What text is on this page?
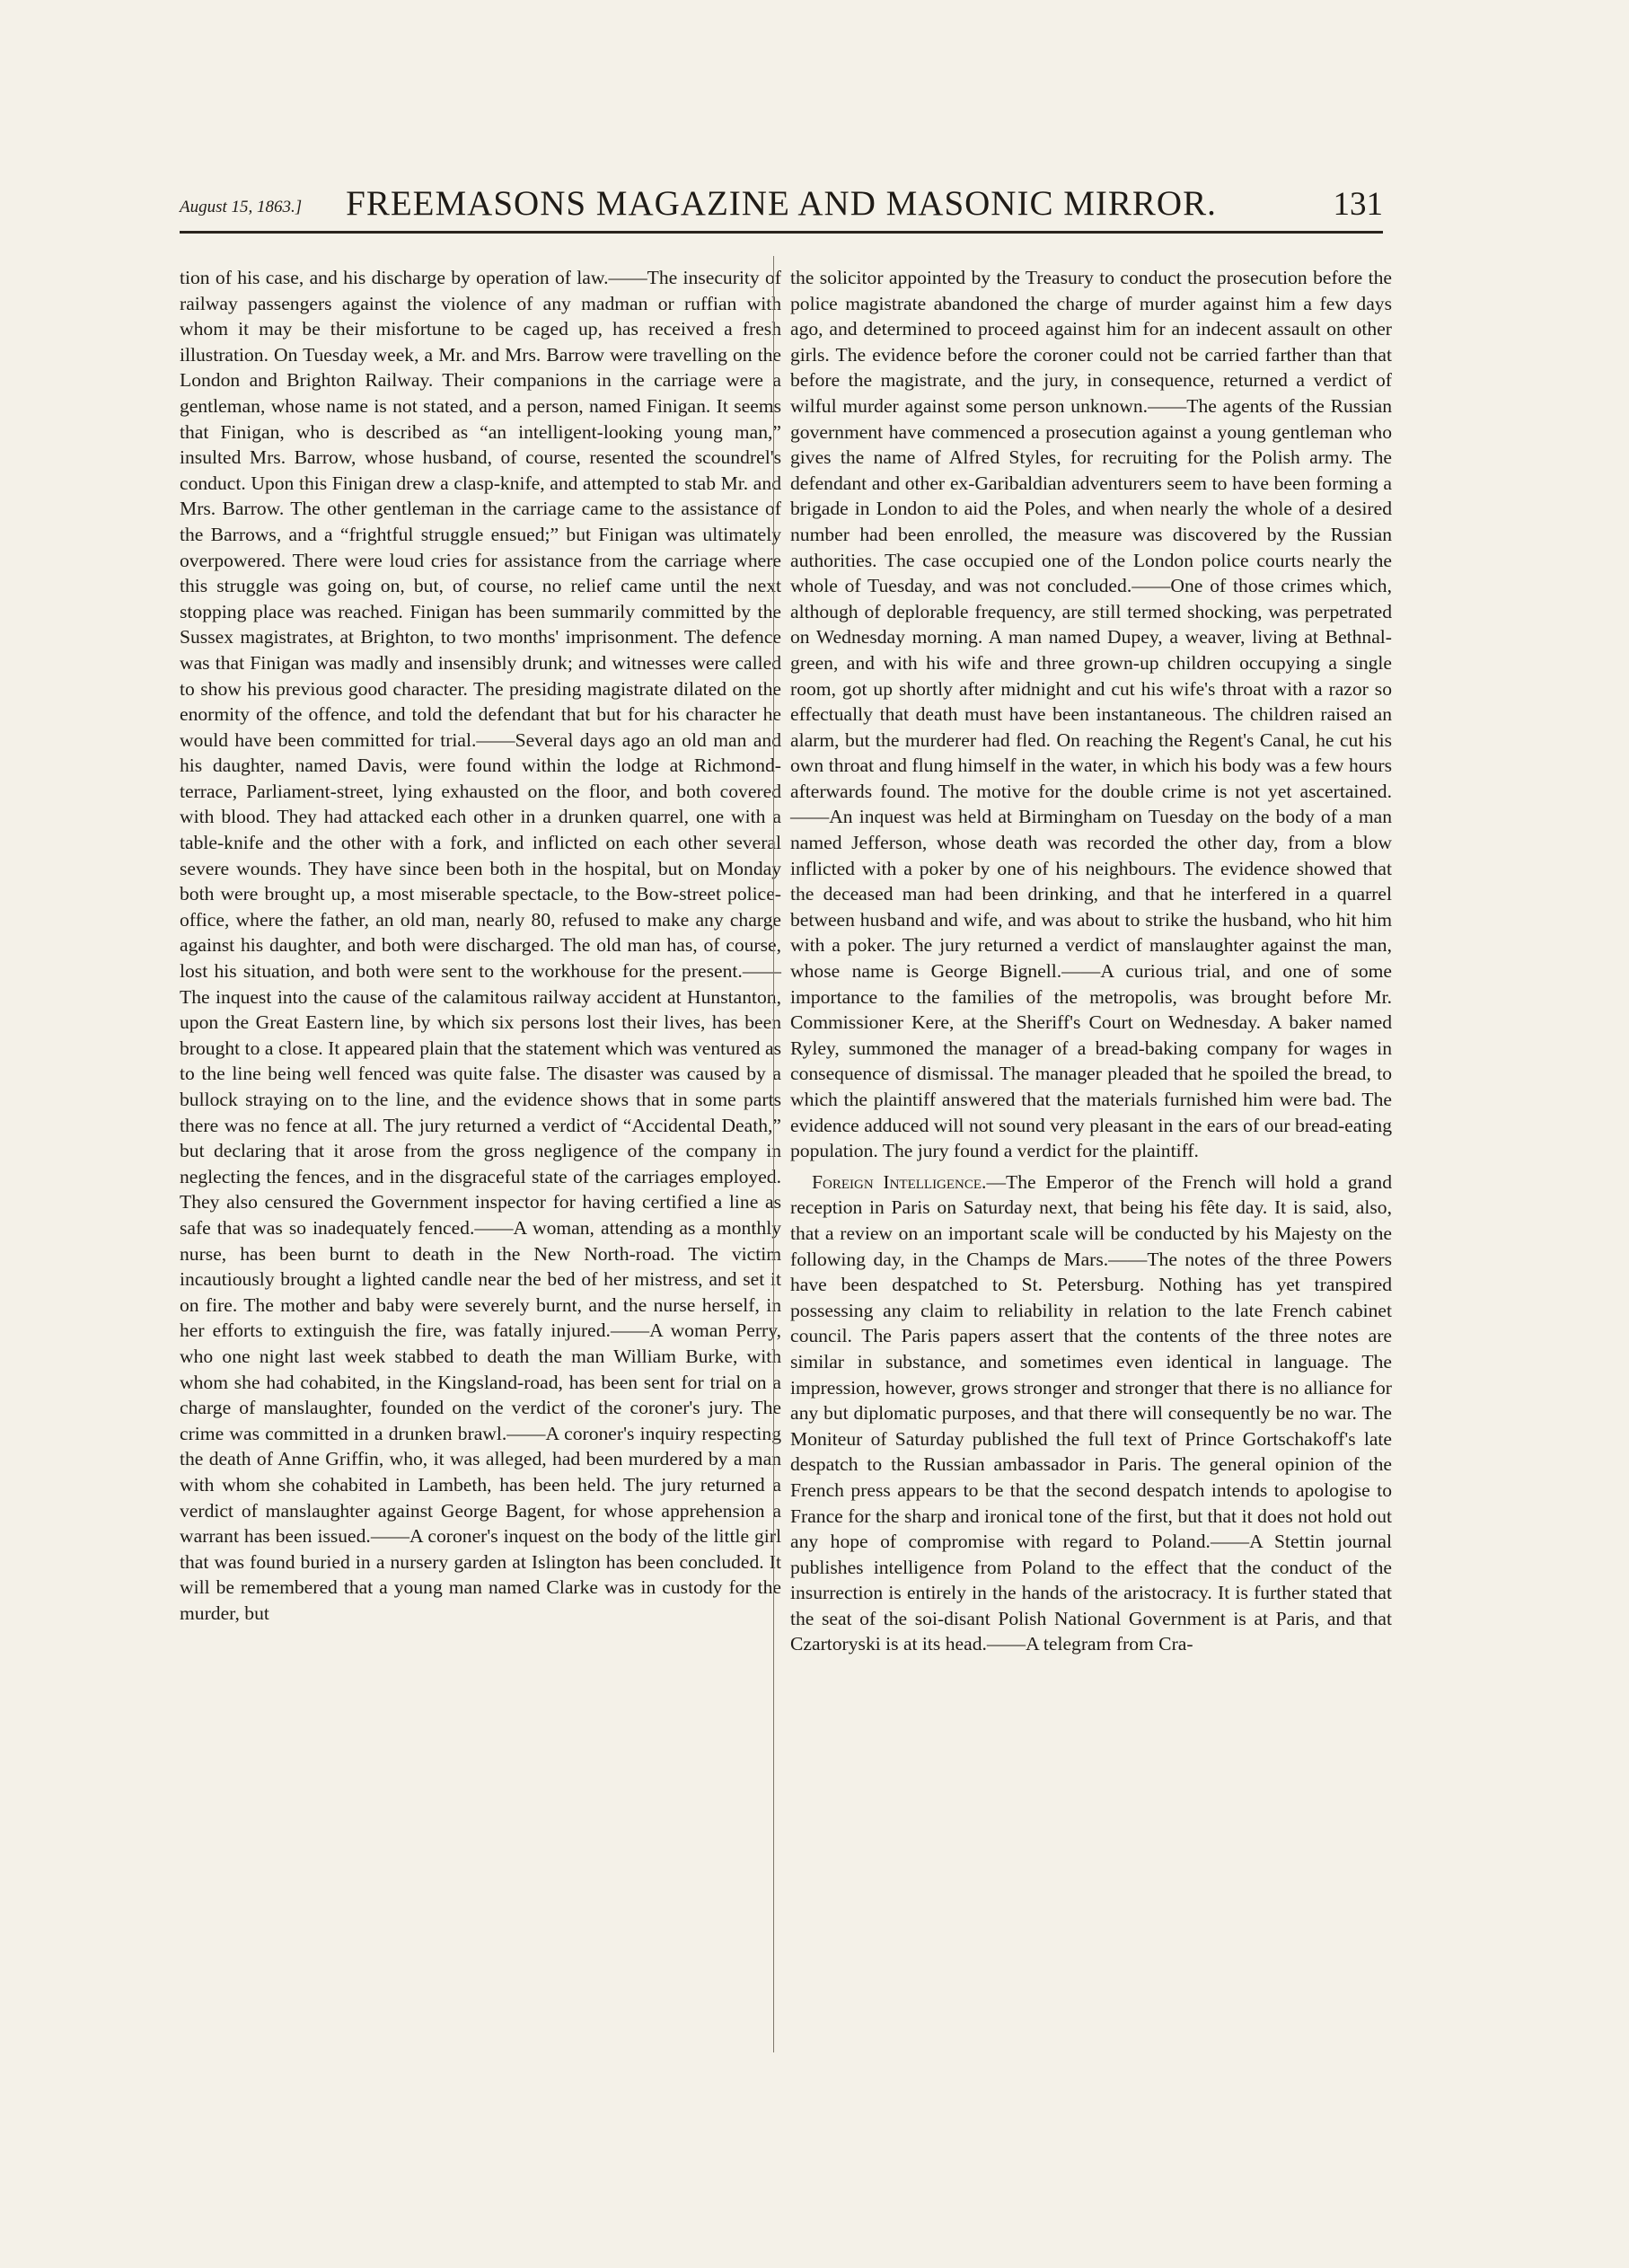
August 15, 1863.]	FREEMASONS MAGAZINE AND MASONIC MIRROR.	131

tion of his case, and his discharge by operation of law.——The insecurity of railway passengers against the violence of any madman or ruffian with whom it may be their misfortune to be caged up, has received a fresh illustration. On Tuesday week, a Mr. and Mrs. Barrow were travelling on the London and Brighton Railway. Their companions in the carriage were a gentleman, whose name is not stated, and a person, named Finigan. It seems that Finigan, who is described as “an intelligent-looking young man,” insulted Mrs. Barrow, whose husband, of course, resented the scoundrel's conduct. Upon this Finigan drew a clasp-knife, and attempted to stab Mr. and Mrs. Barrow. The other gentleman in the carriage came to the assistance of the Barrows, and a “frightful struggle ensued;” but Finigan was ultimately overpowered. There were loud cries for assistance from the carriage where this struggle was going on, but, of course, no relief came until the next stopping place was reached. Finigan has been summarily committed by the Sussex magistrates, at Brighton, to two months' imprisonment. The defence was that Finigan was madly and insensibly drunk; and witnesses were called to show his previous good character. The presiding magistrate dilated on the enormity of the offence, and told the defendant that but for his character he would have been committed for trial.——Several days ago an old man and his daughter, named Davis, were found within the lodge at Richmond-terrace, Parliament-street, lying exhausted on the floor, and both covered with blood. They had attacked each other in a drunken quarrel, one with a table-knife and the other with a fork, and inflicted on each other several severe wounds. They have since been both in the hospital, but on Monday both were brought up, a most miserable spectacle, to the Bow-street police-office, where the father, an old man, nearly 80, refused to make any charge against his daughter, and both were discharged. The old man has, of course, lost his situation, and both were sent to the workhouse for the present.——The inquest into the cause of the calamitous railway accident at Hunstanton, upon the Great Eastern line, by which six persons lost their lives, has been brought to a close. It appeared plain that the statement which was ventured as to the line being well fenced was quite false. The disaster was caused by a bullock straying on to the line, and the evidence shows that in some parts there was no fence at all. The jury returned a verdict of “Accidental Death,” but declaring that it arose from the gross negligence of the company in neglecting the fences, and in the disgraceful state of the carriages employed. They also censured the Government inspector for having certified a line as safe that was so inadequately fenced.——A woman, attending as a monthly nurse, has been burnt to death in the New North-road. The victim incautiously brought a lighted candle near the bed of her mistress, and set it on fire. The mother and baby were severely burnt, and the nurse herself, in her efforts to extinguish the fire, was fatally injured.——A woman Perry, who one night last week stabbed to death the man William Burke, with whom she had cohabited, in the Kingsland-road, has been sent for trial on a charge of manslaughter, founded on the verdict of the coroner's jury. The crime was committed in a drunken brawl.——A coroner's inquiry respecting the death of Anne Griffin, who, it was alleged, had been murdered by a man with whom she cohabited in Lambeth, has been held. The jury returned a verdict of manslaughter against George Bagent, for whose apprehension a warrant has been issued.——A coroner's inquest on the body of the little girl that was found buried in a nursery garden at Islington has been concluded. It will be remembered that a young man named Clarke was in custody for the murder, but

the solicitor appointed by the Treasury to conduct the prosecution before the police magistrate abandoned the charge of murder against him a few days ago, and determined to proceed against him for an indecent assault on other girls. The evidence before the coroner could not be carried farther than that before the magistrate, and the jury, in consequence, returned a verdict of wilful murder against some person unknown.——The agents of the Russian government have commenced a prosecution against a young gentleman who gives the name of Alfred Styles, for recruiting for the Polish army. The defendant and other ex-Garibaldian adventurers seem to have been forming a brigade in London to aid the Poles, and when nearly the whole of a desired number had been enrolled, the measure was discovered by the Russian authorities. The case occupied one of the London police courts nearly the whole of Tuesday, and was not concluded.——One of those crimes which, although of deplorable frequency, are still termed shocking, was perpetrated on Wednesday morning. A man named Dupey, a weaver, living at Bethnal-green, and with his wife and three grown-up children occupying a single room, got up shortly after midnight and cut his wife's throat with a razor so effectually that death must have been instantaneous. The children raised an alarm, but the murderer had fled. On reaching the Regent's Canal, he cut his own throat and flung himself in the water, in which his body was a few hours afterwards found. The motive for the double crime is not yet ascertained.——An inquest was held at Birmingham on Tuesday on the body of a man named Jefferson, whose death was recorded the other day, from a blow inflicted with a poker by one of his neighbours. The evidence showed that the deceased man had been drinking, and that he interfered in a quarrel between husband and wife, and was about to strike the husband, who hit him with a poker. The jury returned a verdict of manslaughter against the man, whose name is George Bignell.——A curious trial, and one of some importance to the families of the metropolis, was brought before Mr. Commissioner Kere, at the Sheriff's Court on Wednesday. A baker named Ryley, summoned the manager of a bread-baking company for wages in consequence of dismissal. The manager pleaded that he spoiled the bread, to which the plaintiff answered that the materials furnished him were bad. The evidence adduced will not sound very pleasant in the ears of our bread-eating population. The jury found a verdict for the plaintiff.

Foreign Intelligence.—The Emperor of the French will hold a grand reception in Paris on Saturday next, that being his fête day. It is said, also, that a review on an important scale will be conducted by his Majesty on the following day, in the Champs de Mars.——The notes of the three Powers have been despatched to St. Petersburg. Nothing has yet transpired possessing any claim to reliability in relation to the late French cabinet council. The Paris papers assert that the contents of the three notes are similar in substance, and sometimes even identical in language. The impression, however, grows stronger and stronger that there is no alliance for any but diplomatic purposes, and that there will consequently be no war. The Moniteur of Saturday published the full text of Prince Gortschakoff's late despatch to the Russian ambassador in Paris. The general opinion of the French press appears to be that the second despatch intends to apologise to France for the sharp and ironical tone of the first, but that it does not hold out any hope of compromise with regard to Poland.——A Stettin journal publishes intelligence from Poland to the effect that the conduct of the insurrection is entirely in the hands of the aristocracy. It is further stated that the seat of the soi-disant Polish National Government is at Paris, and that Czartoryski is at its head.——A telegram from Cra-
